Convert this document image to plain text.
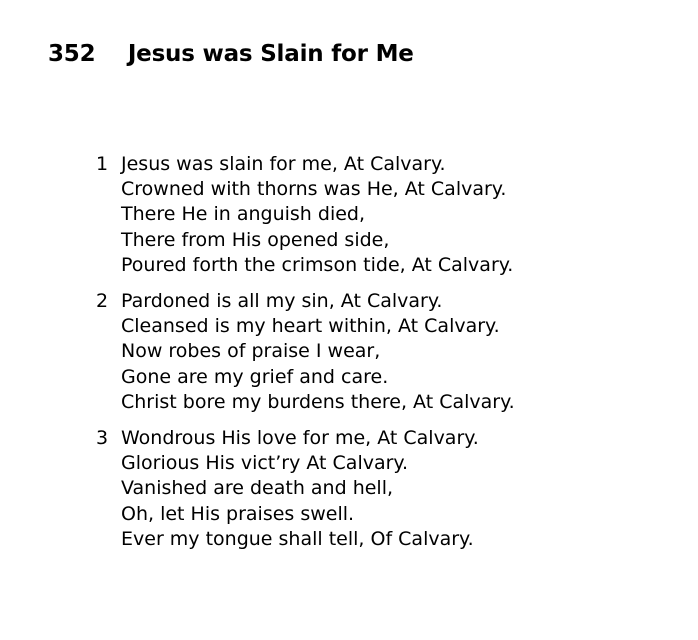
352 Jesus was Slain for Me
1 Jesus was slain for me, At Calvary.
Crowned with thorns was He, At Calvary.
There He in anguish died,
There from His opened side,
Poured forth the crimson tide, At Calvary.
2 Pardoned is all my sin, At Calvary.
Cleansed is my heart within, At Calvary.
Now robes of praise I wear,
Gone are my grief and care.
Christ bore my burdens there, At Calvary.
3 Wondrous His love for me, At Calvary.
Glorious His vict’ry At Calvary.
Vanished are death and hell,
Oh, let His praises swell.
Ever my tongue shall tell, Of Calvary.
